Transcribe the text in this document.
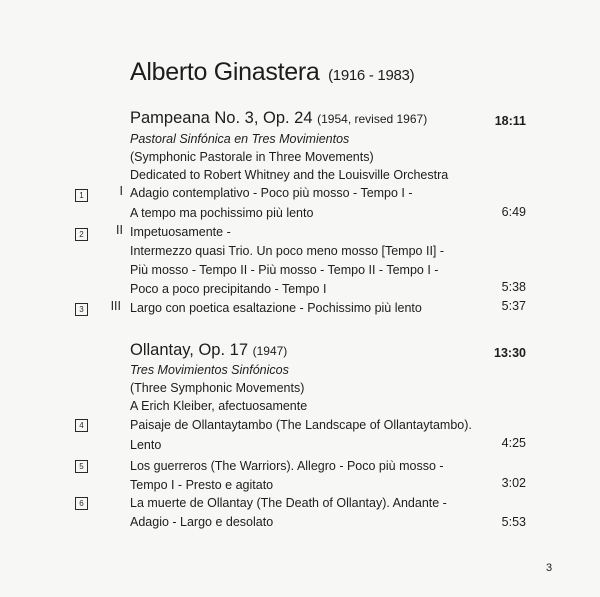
Alberto Ginastera (1916 - 1983)
Pampeana No. 3, Op. 24 (1954, revised 1967)	18:11
Pastoral Sinfónica en Tres Movimientos
(Symphonic Pastorale in Three Movements)
Dedicated to Robert Whitney and the Louisville Orchestra
1	I Adagio contemplativo - Poco più mosso - Tempo I -
A tempo ma pochissimo più lento	6:49
2	II Impetuosamente -
Intermezzo quasi Trio. Un poco meno mosso [Tempo II] -
Più mosso - Tempo II - Più mosso - Tempo II - Tempo I -
Poco a poco precipitando - Tempo I	5:38
3	III Largo con poetica esaltazione - Pochissimo più lento	5:37
Ollantay, Op. 17 (1947)	13:30
Tres Movimientos Sinfónicos
(Three Symphonic Movements)
A Erich Kleiber, afectuosamente
4	Paisaje de Ollantaytambo (The Landscape of Ollantaytambo).
Lento	4:25
5	Los guerreros (The Warriors). Allegro - Poco più mosso -
Tempo I - Presto e agitato	3:02
6	La muerte de Ollantay (The Death of Ollantay). Andante -
Adagio - Largo e desolato	5:53
3
